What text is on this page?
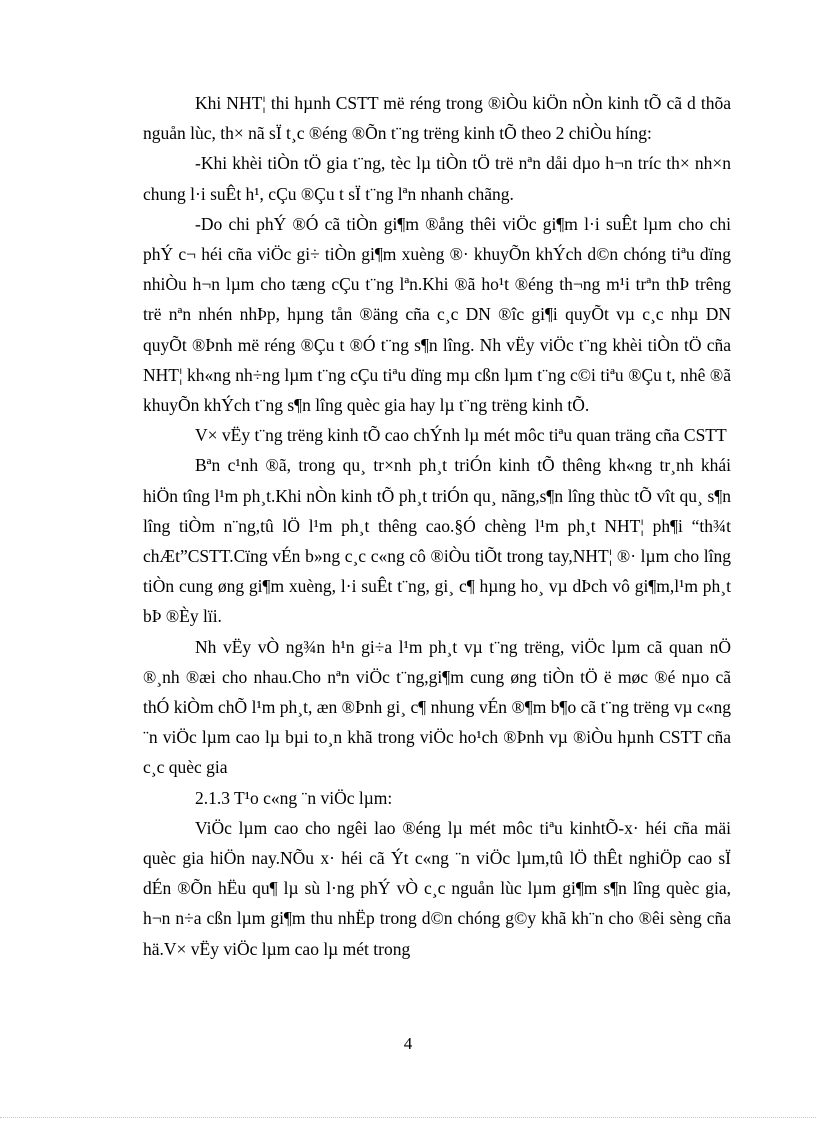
Khi NHT¦ thi hµnh CSTT më réng trong ®iÒu kiÖn nÒn kinh tÕ cã d thõa nguån lùc, th× nã sÏ t¸c ®éng ®Õn t¨ng trëng kinh tÕ theo 2 chiÒu híng:

-Khi khèi tiÒn tÖ gia t¨ng, tèc lµ tiÒn tÖ trë nªn dåi dµo h¬n tríc th× nh×n chung l·i suÊt h¹, cÇu ®Çu t sÏ t¨ng lªn nhanh chãng.

-Do chi phÝ ®Ó cã tiÒn gi¶m ®ång thêi viÖc gi¶m l·i suÊt lµm cho chi phÝ c¬ héi cña viÖc gi÷ tiÒn gi¶m xuèng ®· khuyÕn khÝch d©n chóng tiªu dïng nhiÒu h¬n lµm cho tæng cÇu t¨ng lªn.Khi ®ã ho¹t ®éng th¬ng m¹i trªn thÞ trêng trë nªn nhén nhÞp, hµng tån ®äng cña c¸c DN ®îc gi¶i quyÕt vµ c¸c nhµ DN quyÕt ®Þnh më réng ®Çu t ®Ó t¨ng s¶n lîng. Nh vËy viÖc t¨ng khèi tiÒn tÖ cña NHT¦ kh«ng nh÷ng lµm t¨ng cÇu tiªu dïng mµ cßn lµm t¨ng c©i tiªu ®Çu t, nhê ®ã khuyÕn khÝch t¨ng s¶n lîng quèc gia hay lµ t¨ng trëng kinh tÕ.

V× vËy t¨ng trëng kinh tÕ cao chÝnh lµ mét môc tiªu quan träng cña CSTT

Bªn c¹nh ®ã, trong qu¸ tr×nh ph¸t triÓn kinh tÕ thêng kh«ng tr¸nh khái hiÖn tîng l¹m ph¸t.Khi nÒn kinh tÕ ph¸t triÓn qu¸ nãng,s¶n lîng thùc tÕ vît qu¸ s¶n lîng tiÒm n¨ng,tû lÖ l¹m ph¸t thêng cao.§Ó chèng l¹m ph¸t NHT¦ ph¶i “th¾t chÆt”CSTT.Cïng vÉn b»ng c¸c c«ng cô ®iÒu tiÕt trong tay,NHT¦ ®· lµm cho lîng tiÒn cung øng gi¶m xuèng, l·i suÊt t¨ng, gi¸ c¶ hµng ho¸ vµ dÞch vô gi¶m,l¹m ph¸t bÞ ®Èy lïi.

Nh vËy vÒ ng¾n h¹n gi÷a l¹m ph¸t vµ t¨ng trëng, viÖc lµm cã quan nÖ ®¸nh ®æi cho nhau.Cho nªn viÖc t¨ng,gi¶m cung øng tiÒn tÖ ë møc ®é nµo cã thÓ kiÒm chÕ l¹m ph¸t, æn ®Þnh gi¸ c¶ nhung vÉn ®¶m b¶o cã t¨ng trëng vµ c«ng ¨n viÖc lµm cao lµ bµi to¸n khã trong viÖc ho¹ch ®Þnh vµ ®iÒu hµnh CSTT cña c¸c quèc gia

2.1.3 T¹o c«ng ¨n viÖc lµm:

ViÖc lµm cao cho ngêi lao ®éng lµ mét môc tiªu kinhtÕ-x· héi cña mäi quèc gia hiÖn nay.NÕu x· héi cã Ýt c«ng ¨n viÖc lµm,tû lÖ thÊt nghiÖp cao sÏ dÉn ®Õn hËu qu¶ lµ sù l·ng phÝ vÒ c¸c nguån lùc lµm gi¶m s¶n lîng quèc gia, h¬n n÷a cßn lµm gi¶m thu nhËp trong d©n chóng g©y khã kh¨n cho ®êi sèng cña hä.V× vËy viÖc lµm cao lµ mét trong

4
